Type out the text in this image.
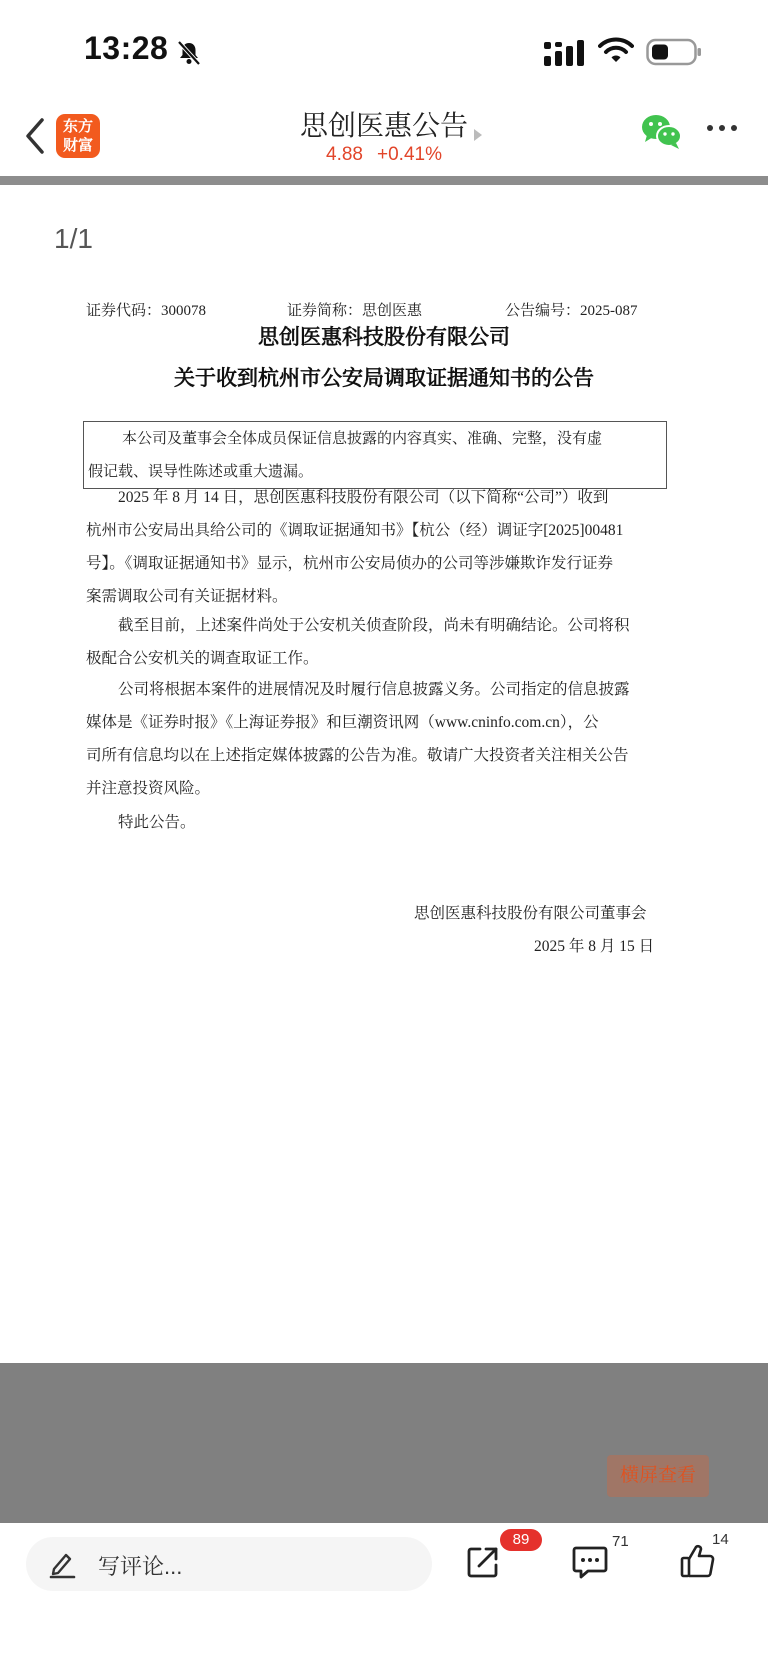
13:28
东方
财富
思创医惠公告
4.88 +0.41%
1/1
证券代码：300078	证券简称：思创医惠	公告编号：2025-087
思创医惠科技股份有限公司
关于收到杭州市公安局调取证据通知书的公告
本公司及董事会全体成员保证信息披露的内容真实、准确、完整，没有虚
假记载、误导性陈述或重大遗漏。
2025 年 8 月 14 日，思创医惠科技股份有限公司（以下简称“公司”）收到
杭州市公安局出具给公司的《调取证据通知书》【杭公（经）调证字[2025]00481
号】。《调取证据通知书》显示，杭州市公安局侦办的公司等涉嫌欺诈发行证券
案需调取公司有关证据材料。
截至目前，上述案件尚处于公安机关侦查阶段，尚未有明确结论。公司将积
极配合公安机关的调查取证工作。
公司将根据本案件的进展情况及时履行信息披露义务。公司指定的信息披露
媒体是《证券时报》《上海证券报》和巨潮资讯网（www.cninfo.com.cn），公
司所有信息均以在上述指定媒体披露的公告为准。敬请广大投资者关注相关公告
并注意投资风险。
特此公告。
思创医惠科技股份有限公司董事会
2025 年 8 月 15 日
横屏查看
写评论...
89	71	14
